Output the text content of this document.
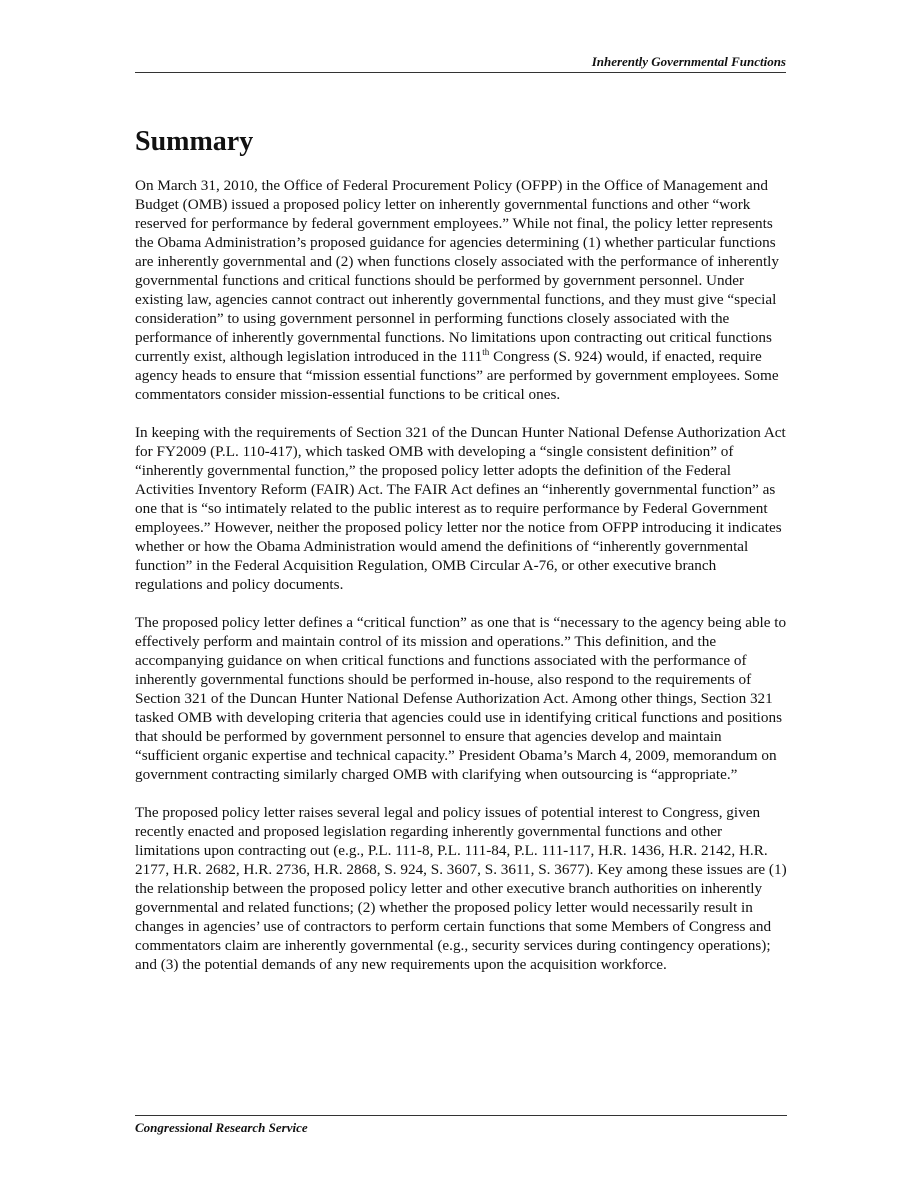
Inherently Governmental Functions
Summary

On March 31, 2010, the Office of Federal Procurement Policy (OFPP) in the Office of Management and Budget (OMB) issued a proposed policy letter on inherently governmental functions and other “work reserved for performance by federal government employees.” While not final, the policy letter represents the Obama Administration’s proposed guidance for agencies determining (1) whether particular functions are inherently governmental and (2) when functions closely associated with the performance of inherently governmental functions and critical functions should be performed by government personnel. Under existing law, agencies cannot contract out inherently governmental functions, and they must give “special consideration” to using government personnel in performing functions closely associated with the performance of inherently governmental functions. No limitations upon contracting out critical functions currently exist, although legislation introduced in the 111th Congress (S. 924) would, if enacted, require agency heads to ensure that “mission essential functions” are performed by government employees. Some commentators consider mission-essential functions to be critical ones.

In keeping with the requirements of Section 321 of the Duncan Hunter National Defense Authorization Act for FY2009 (P.L. 110-417), which tasked OMB with developing a “single consistent definition” of “inherently governmental function,” the proposed policy letter adopts the definition of the Federal Activities Inventory Reform (FAIR) Act. The FAIR Act defines an “inherently governmental function” as one that is “so intimately related to the public interest as to require performance by Federal Government employees.” However, neither the proposed policy letter nor the notice from OFPP introducing it indicates whether or how the Obama Administration would amend the definitions of “inherently governmental function” in the Federal Acquisition Regulation, OMB Circular A-76, or other executive branch regulations and policy documents.

The proposed policy letter defines a “critical function” as one that is “necessary to the agency being able to effectively perform and maintain control of its mission and operations.” This definition, and the accompanying guidance on when critical functions and functions associated with the performance of inherently governmental functions should be performed in-house, also respond to the requirements of Section 321 of the Duncan Hunter National Defense Authorization Act. Among other things, Section 321 tasked OMB with developing criteria that agencies could use in identifying critical functions and positions that should be performed by government personnel to ensure that agencies develop and maintain “sufficient organic expertise and technical capacity.” President Obama’s March 4, 2009, memorandum on government contracting similarly charged OMB with clarifying when outsourcing is “appropriate.”

The proposed policy letter raises several legal and policy issues of potential interest to Congress, given recently enacted and proposed legislation regarding inherently governmental functions and other limitations upon contracting out (e.g., P.L. 111-8, P.L. 111-84, P.L. 111-117, H.R. 1436, H.R. 2142, H.R. 2177, H.R. 2682, H.R. 2736, H.R. 2868, S. 924, S. 3607, S. 3611, S. 3677). Key among these issues are (1) the relationship between the proposed policy letter and other executive branch authorities on inherently governmental and related functions; (2) whether the proposed policy letter would necessarily result in changes in agencies’ use of contractors to perform certain functions that some Members of Congress and commentators claim are inherently governmental (e.g., security services during contingency operations); and (3) the potential demands of any new requirements upon the acquisition workforce.

Congressional Research Service
